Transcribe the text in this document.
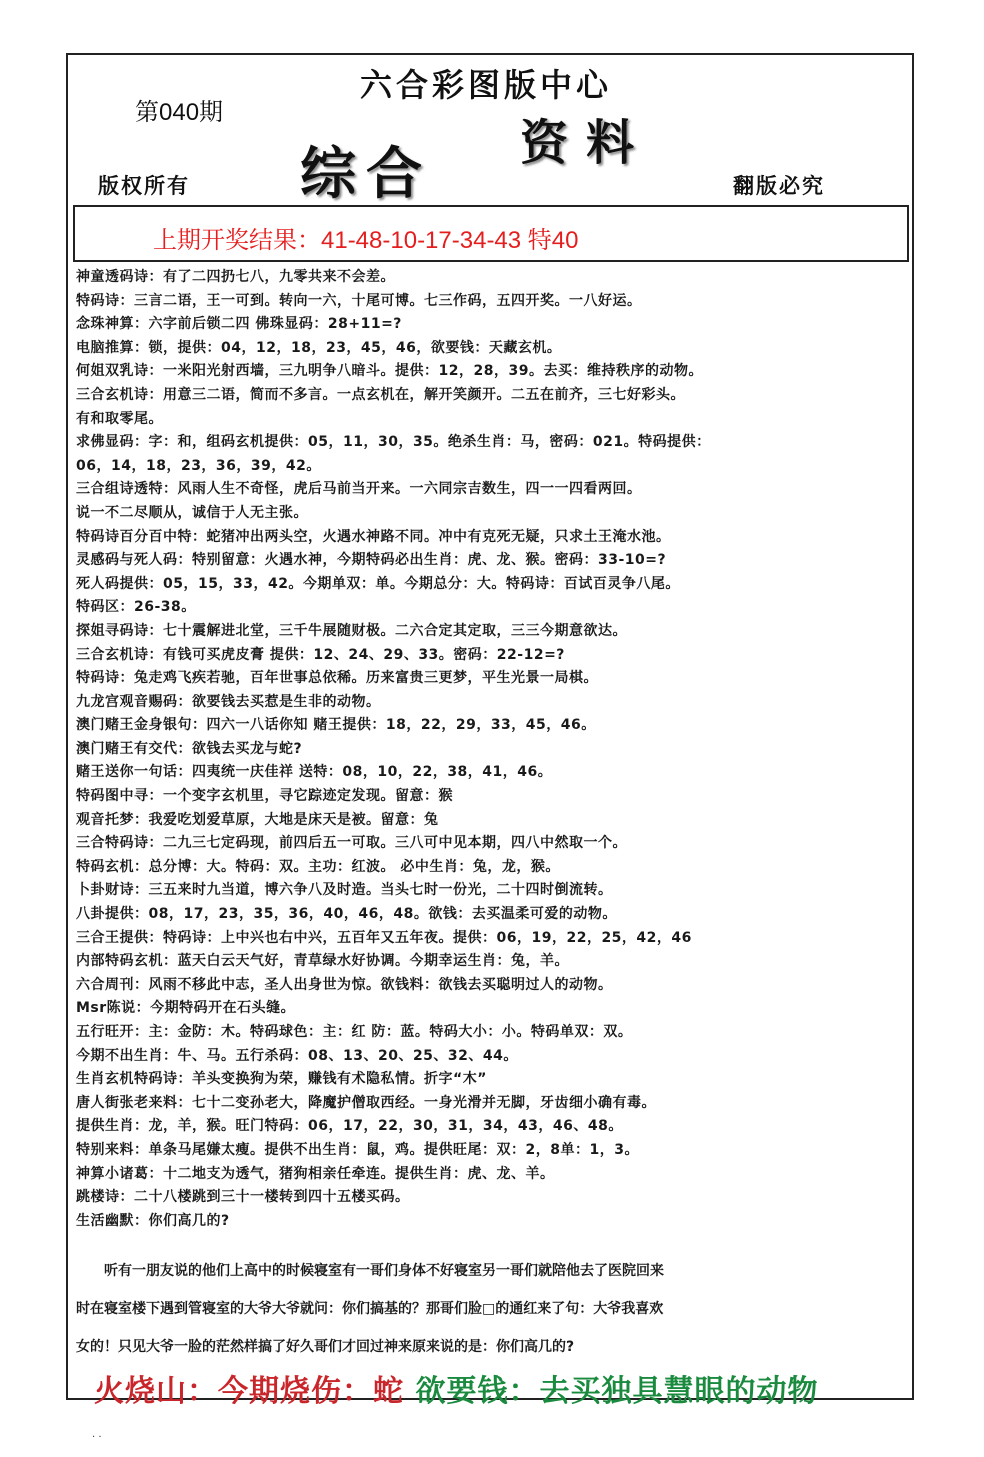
第040期
六合彩图版中心
综合 资料
版权所有	翻版必究
上期开奖结果：41-48-10-17-34-43 特40
神童透码诗：有了二四扔七八，九零共来不会差。
特码诗：三言二语，王一可到。转向一六，十尾可博。七三作码，五四开奖。一八好运。
念珠神算：六字前后锁二四 佛珠显码：28+11=?
电脑推算：锁，提供：04，12，18，23，45，46，欲要钱：天藏玄机。
何姐双乳诗：一米阳光射西墙，三九明争八暗斗。提供：12，28，39。去买：维持秩序的动物。
三合玄机诗：用意三二语，简而不多言。一点玄机在，解开笑颜开。二五在前齐，三七好彩头。
有和取零尾。
求佛显码：字：和，组码玄机提供：05，11，30，35。绝杀生肖：马，密码：021。特码提供：
06，14，18，23，36，39，42。
三合组诗透特：风雨人生不奇怪，虎后马前当开来。一六同宗吉数生，四一一四看两回。
说一不二尽顺从，诚信于人无主张。
特码诗百分百中特：蛇猪冲出两头空，火遇水神路不同。冲中有克死无疑，只求土王淹水池。
灵感码与死人码：特别留意：火遇水神，今期特码必出生肖：虎、龙、猴。密码：33-10=?
死人码提供：05，15，33，42。今期单双：单。今期总分：大。特码诗：百试百灵争八尾。
特码区：26-38。
探姐寻码诗：七十震解进北堂，三千牛展随财极。二六合定其定取，三三今期意欲达。
三合玄机诗：有钱可买虎皮膏 提供：12、24、29、33。密码：22-12=?
特码诗：兔走鸡飞疾若驰，百年世事总依稀。历来富贵三更梦，平生光景一局棋。
九龙宫观音赐码：欲要钱去买惹是生非的动物。
澳门赌王金身银句：四六一八话你知 赌王提供：18，22，29，33，45，46。
澳门赌王有交代：欲钱去买龙与蛇?
赌王送你一句话：四夷统一庆佳祥 送特：08，10，22，38，41，46。
特码图中寻：一个变字玄机里，寻它踪迹定发现。留意：猴
观音托梦：我爱吃划爱草原，大地是床天是被。留意：兔
三合特码诗：二九三七定码现，前四后五一可取。三八可中见本期，四八中然取一个。
特码玄机：总分博：大。特码：双。主功：红波。 必中生肖：兔，龙，猴。
卜卦财诗：三五来时九当道，博六争八及时造。当头七时一份光，二十四时倒流转。
八卦提供：08，17，23，35，36，40，46，48。欲钱：去买温柔可爱的动物。
三合王提供：特码诗：上中兴也右中兴，五百年又五年夜。提供：06，19，22，25，42，46
内部特码玄机：蓝天白云天气好，青草绿水好协调。今期幸运生肖：兔，羊。
六合周刊：风雨不移此中志，圣人出身世为惊。欲钱料：欲钱去买聪明过人的动物。
Msr陈说：今期特码开在石头缝。
五行旺开：主：金防：木。特码球色：主：红 防：蓝。特码大小：小。特码单双：双。
今期不出生肖：牛、马。五行杀码：08、13、20、25、32、44。
生肖玄机特码诗：羊头变换狗为荣，赚钱有术隐私情。折字“木”
唐人街张老来料：七十二变孙老大，降魔护僧取西经。一身光滑并无脚，牙齿细小确有毒。
提供生肖：龙，羊，猴。旺门特码：06，17，22，30，31，34，43，46、48。
特别来料：单条马尾嫌太瘦。提供不出生肖：鼠，鸡。提供旺尾：双：2，8单：1，3。
神算小诸葛：十二地支为透气，猪狗相亲任牵连。提供生肖：虎、龙、羊。
跳楼诗：二十八楼跳到三十一楼转到四十五楼买码。
生活幽默：你们高几的?

　　听有一朋友说的他们上高中的时候寝室有一哥们身体不好寝室另一哥们就陪他去了医院回来

时在寝室楼下遇到管寝室的大爷大爷就问：你们搞基的？那哥们脸□的通红来了句：大爷我喜欢

女的！只见大爷一脸的茫然样搞了好久哥们才回过神来原来说的是：你们高几的?

火烧山：今期烧伤：蛇 欲要钱：去买独具慧眼的动物
· ·
